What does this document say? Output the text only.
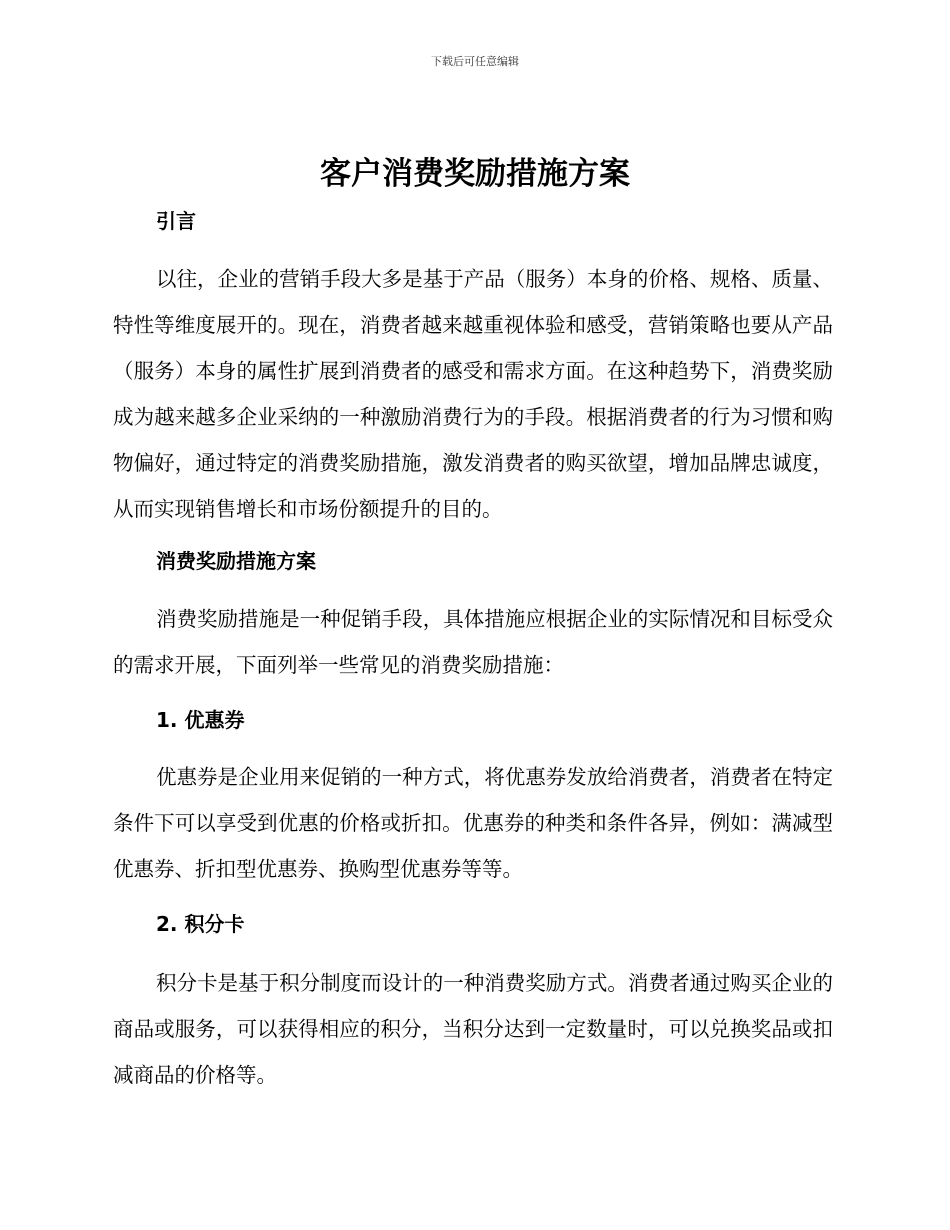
下载后可任意编辑
客户消费奖励措施方案
引言

以往，企业的营销手段大多是基于产品（服务）本身的价格、规格、质量、特性等维度展开的。现在，消费者越来越重视体验和感受，营销策略也要从产品（服务）本身的属性扩展到消费者的感受和需求方面。在这种趋势下，消费奖励成为越来越多企业采纳的一种激励消费行为的手段。根据消费者的行为习惯和购物偏好，通过特定的消费奖励措施，激发消费者的购买欲望，增加品牌忠诚度，从而实现销售增长和市场份额提升的目的。

消费奖励措施方案

消费奖励措施是一种促销手段，具体措施应根据企业的实际情况和目标受众的需求开展，下面列举一些常见的消费奖励措施：

1. 优惠券

优惠券是企业用来促销的一种方式，将优惠券发放给消费者，消费者在特定条件下可以享受到优惠的价格或折扣。优惠券的种类和条件各异，例如：满减型优惠券、折扣型优惠券、换购型优惠券等等。

2. 积分卡

积分卡是基于积分制度而设计的一种消费奖励方式。消费者通过购买企业的商品或服务，可以获得相应的积分，当积分达到一定数量时，可以兑换奖品或扣减商品的价格等。
